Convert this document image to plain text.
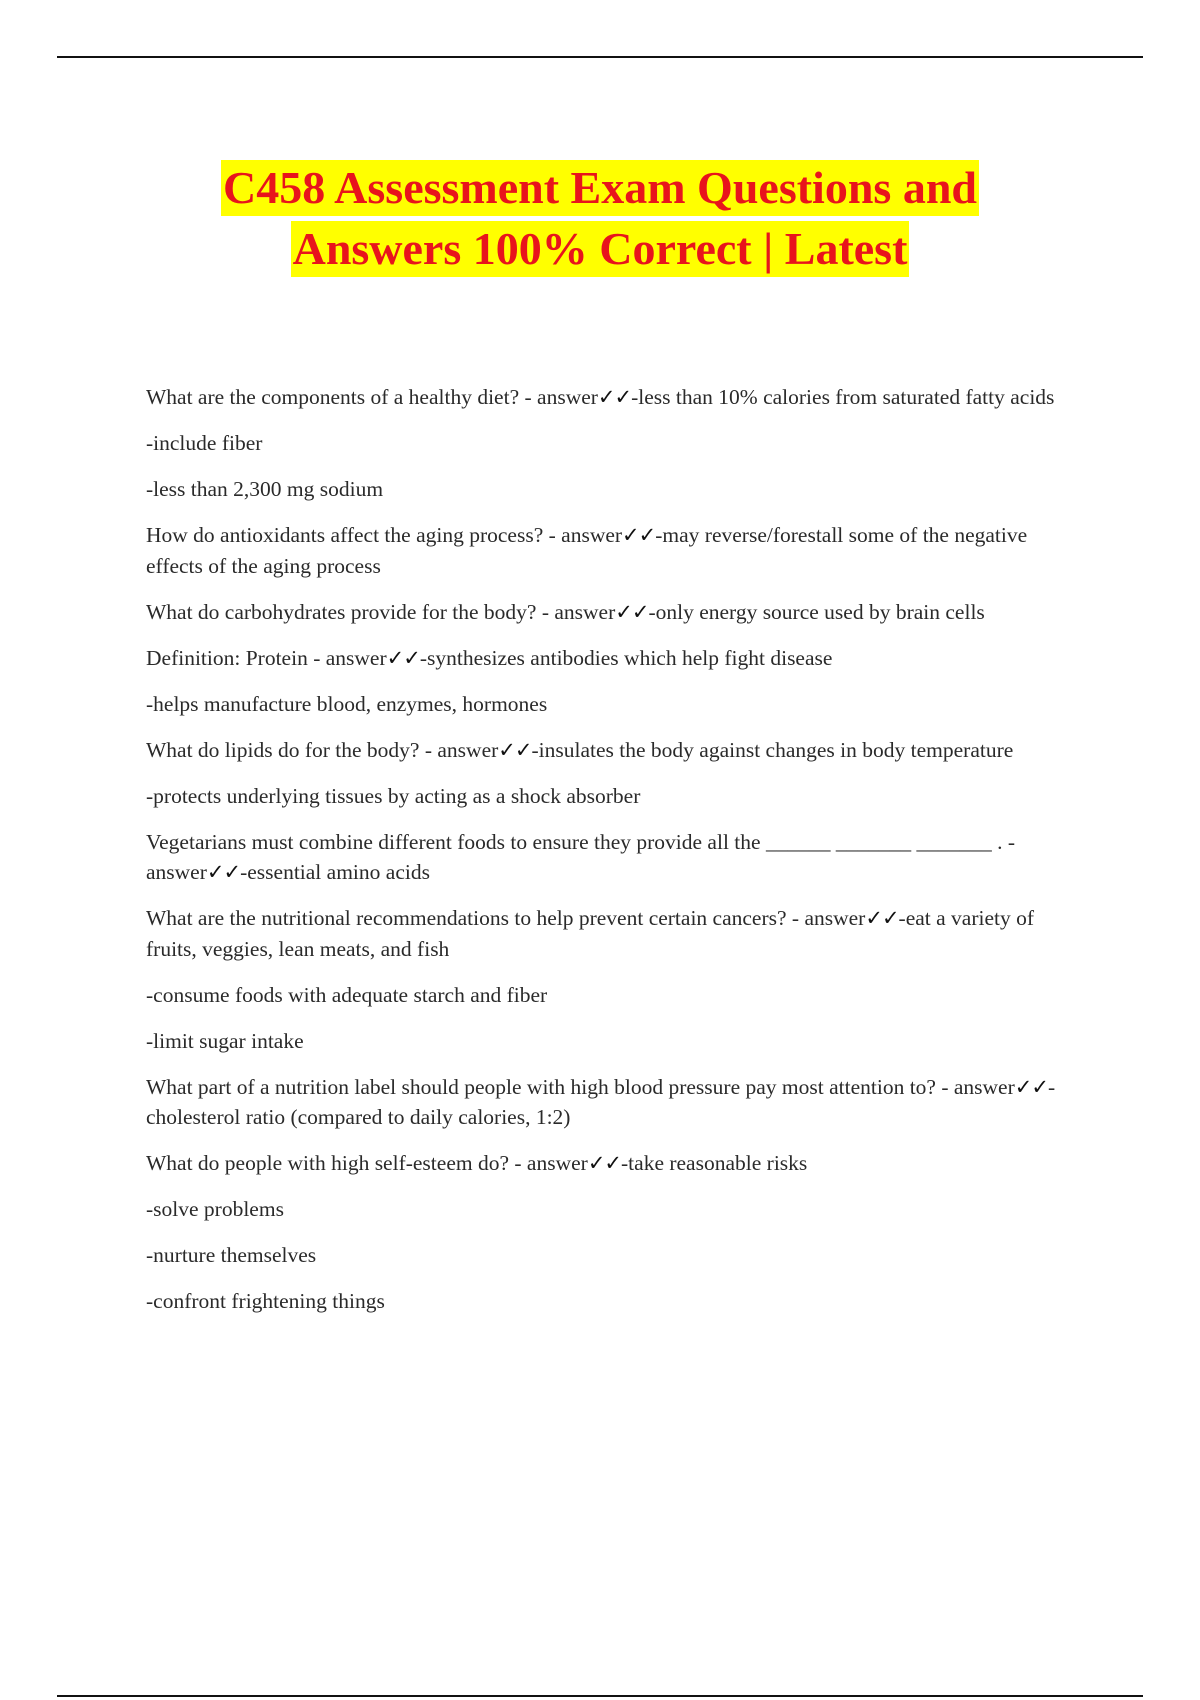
C458 Assessment Exam Questions and
Answers 100% Correct | Latest

What are the components of a healthy diet? - answer✓✓-less than 10% calories from saturated fatty acids

-include fiber

-less than 2,300 mg sodium

How do antioxidants affect the aging process? - answer✓✓-may reverse/forestall some of the negative effects of the aging process

What do carbohydrates provide for the body? - answer✓✓-only energy source used by brain cells

Definition: Protein - answer✓✓-synthesizes antibodies which help fight disease

-helps manufacture blood, enzymes, hormones

What do lipids do for the body? - answer✓✓-insulates the body against changes in body temperature

-protects underlying tissues by acting as a shock absorber

Vegetarians must combine different foods to ensure they provide all the ______ _______ _______ . - answer✓✓-essential amino acids

What are the nutritional recommendations to help prevent certain cancers? - answer✓✓-eat a variety of fruits, veggies, lean meats, and fish

-consume foods with adequate starch and fiber

-limit sugar intake

What part of a nutrition label should people with high blood pressure pay most attention to? - answer✓✓-cholesterol ratio (compared to daily calories, 1:2)

What do people with high self-esteem do? - answer✓✓-take reasonable risks

-solve problems

-nurture themselves

-confront frightening things
